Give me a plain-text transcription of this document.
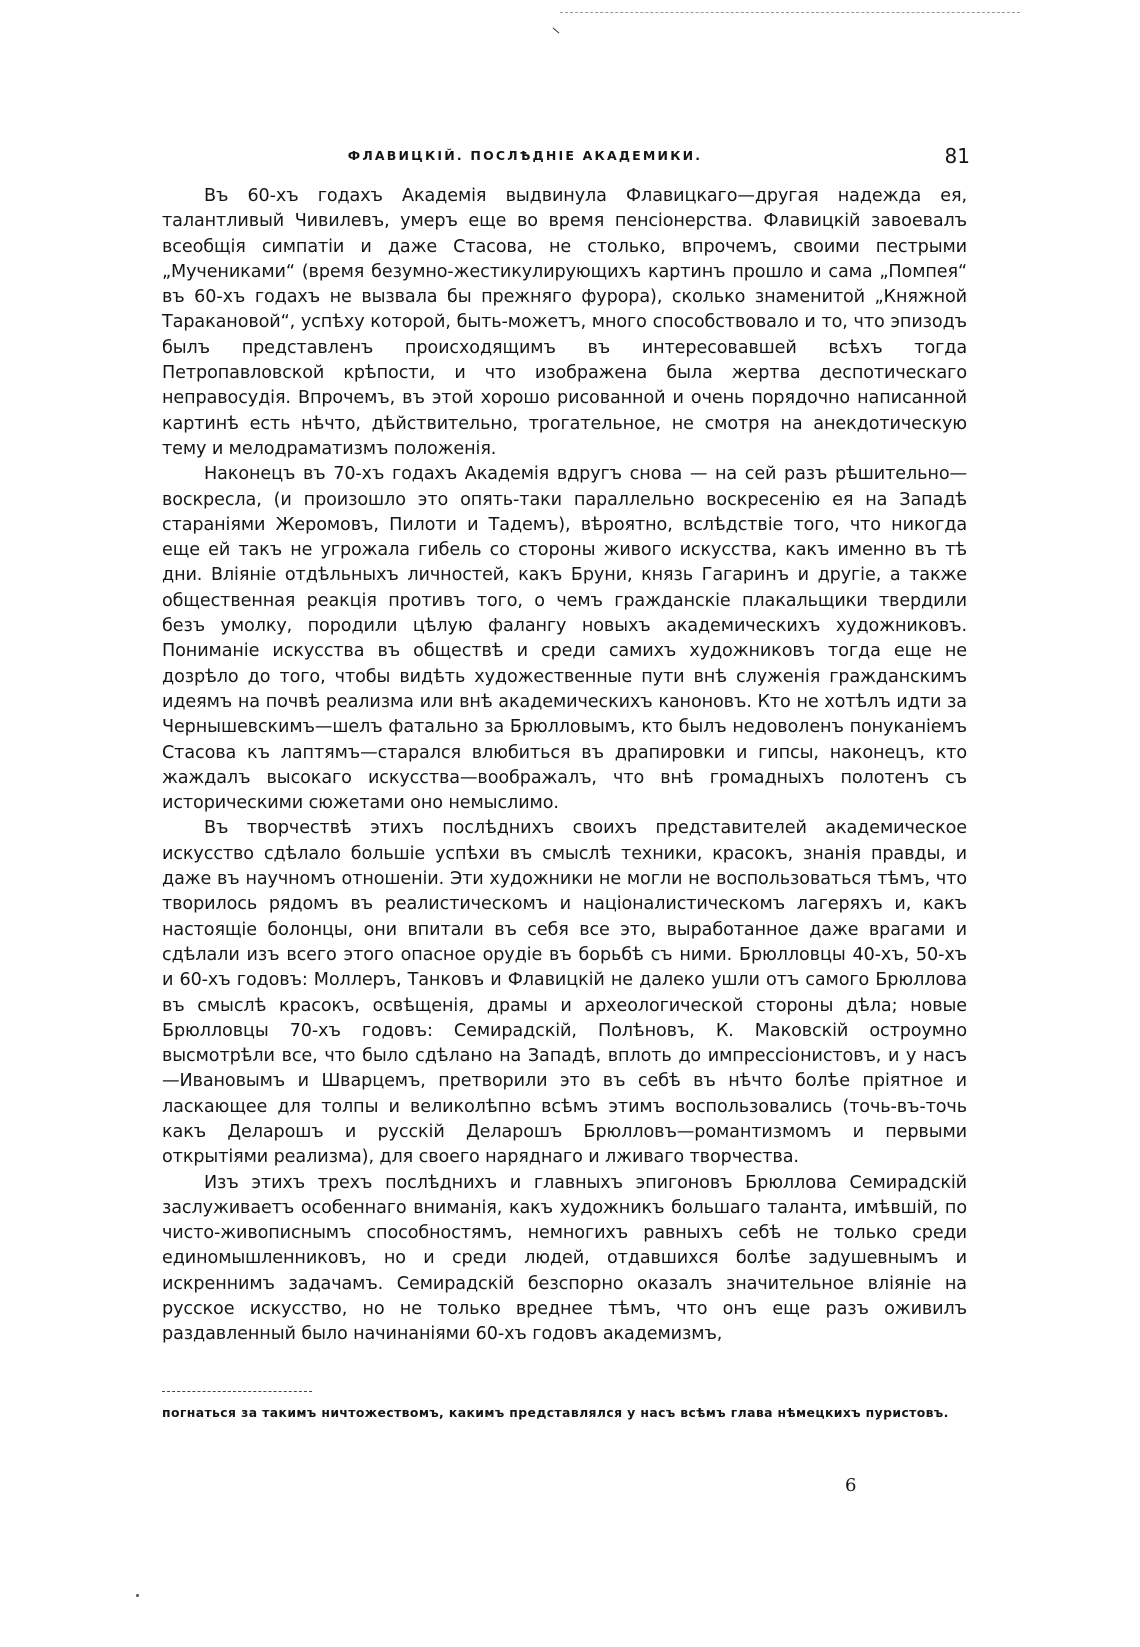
ФЛАВИЦКІЙ. ПОСЛѢДНІЕ АКАДЕМИКИ.	81

Въ 60-хъ годахъ Академія выдвинула Флавицкаго—другая надежда ея, талантливый Чивилевъ, умеръ еще во время пенсіонерства. Флавицкій завоевалъ всеобщія симпатіи и даже Стасова, не столько, впрочемъ, своими пестрыми „Мучениками“ (время безумно-жестикулирующихъ картинъ прошло и сама „Помпея“ въ 60-хъ годахъ не вызвала бы прежняго фурора), сколько знаменитой „Княжной Таракановой“, успѣху которой, быть-можетъ, много способствовало и то, что эпизодъ былъ представленъ происходящимъ въ интересовавшей всѣхъ тогда Петропавловской крѣпости, и что изображена была жертва деспотическаго неправосудія. Впрочемъ, въ этой хорошо рисованной и очень порядочно написанной картинѣ есть нѣчто, дѣйствительно, трогательное, не смотря на анекдотическую тему и мелодраматизмъ положенія.

Наконецъ въ 70-хъ годахъ Академія вдругъ снова — на сей разъ рѣшительно—воскресла, (и произошло это опять-таки параллельно воскресенію ея на Западѣ стараніями Жеромовъ, Пилоти и Тадемъ), вѣроятно, вслѣдствіе того, что никогда еще ей такъ не угрожала гибель со стороны живого искусства, какъ именно въ тѣ дни. Вліяніе отдѣльныхъ личностей, какъ Бруни, князь Гагаринъ и другіе, а также общественная реакція противъ того, о чемъ гражданскіе плакальщики твердили безъ умолку, породили цѣлую фалангу новыхъ академическихъ художниковъ. Пониманіе искусства въ обществѣ и среди самихъ художниковъ тогда еще не дозрѣло до того, чтобы видѣть художественные пути внѣ служенія гражданскимъ идеямъ на почвѣ реализма или внѣ академическихъ каноновъ. Кто не хотѣлъ идти за Чернышевскимъ—шелъ фатально за Брюлловымъ, кто былъ недоволенъ понуканіемъ Стасова къ лаптямъ—старался влюбиться въ драпировки и гипсы, наконецъ, кто жаждалъ высокаго искусства—воображалъ, что внѣ громадныхъ полотенъ съ историческими сюжетами оно немыслимо.

Въ творчествѣ этихъ послѣднихъ своихъ представителей академическое искусство сдѣлало большіе успѣхи въ смыслѣ техники, красокъ, знанія правды, и даже въ научномъ отношеніи. Эти художники не могли не воспользоваться тѣмъ, что творилось рядомъ въ реалистическомъ и націоналистическомъ лагеряхъ и, какъ настоящіе болонцы, они впитали въ себя все это, выработанное даже врагами и сдѣлали изъ всего этого опасное орудіе въ борьбѣ съ ними. Брюлловцы 40-хъ, 50-хъ и 60-хъ годовъ: Моллеръ, Танковъ и Флавицкій не далеко ушли отъ самого Брюллова въ смыслѣ красокъ, освѣщенія, драмы и археологической стороны дѣла; новые Брюлловцы 70-хъ годовъ: Семирадскій, Полѣновъ, К. Маковскій остроумно высмотрѣли все, что было сдѣлано на Западѣ, вплоть до импрессіонистовъ, и у насъ—Ивановымъ и Шварцемъ, претворили это въ себѣ въ нѣчто болѣе пріятное и ласкающее для толпы и великолѣпно всѣмъ этимъ воспользовались (точь-въ-точь какъ Деларошъ и русскій Деларошъ Брюлловъ—романтизмомъ и первыми открытіями реализма), для своего наряднаго и лживаго творчества.

Изъ этихъ трехъ послѣднихъ и главныхъ эпигоновъ Брюллова Семирадскій заслуживаетъ особеннаго вниманія, какъ художникъ большаго таланта, имѣвшій, по чисто-живописнымъ способностямъ, немногихъ равныхъ себѣ не только среди единомышленниковъ, но и среди людей, отдавшихся болѣе задушевнымъ и искреннимъ задачамъ. Семирадскій безспорно оказалъ значительное вліяніе на русское искусство, но не только вреднее тѣмъ, что онъ еще разъ оживилъ раздавленный было начинаніями 60-хъ годовъ академизмъ,

погнаться за такимъ ничтожествомъ, какимъ представлялся у насъ всѣмъ глава нѣмецкихъ пуристовъ.
6
